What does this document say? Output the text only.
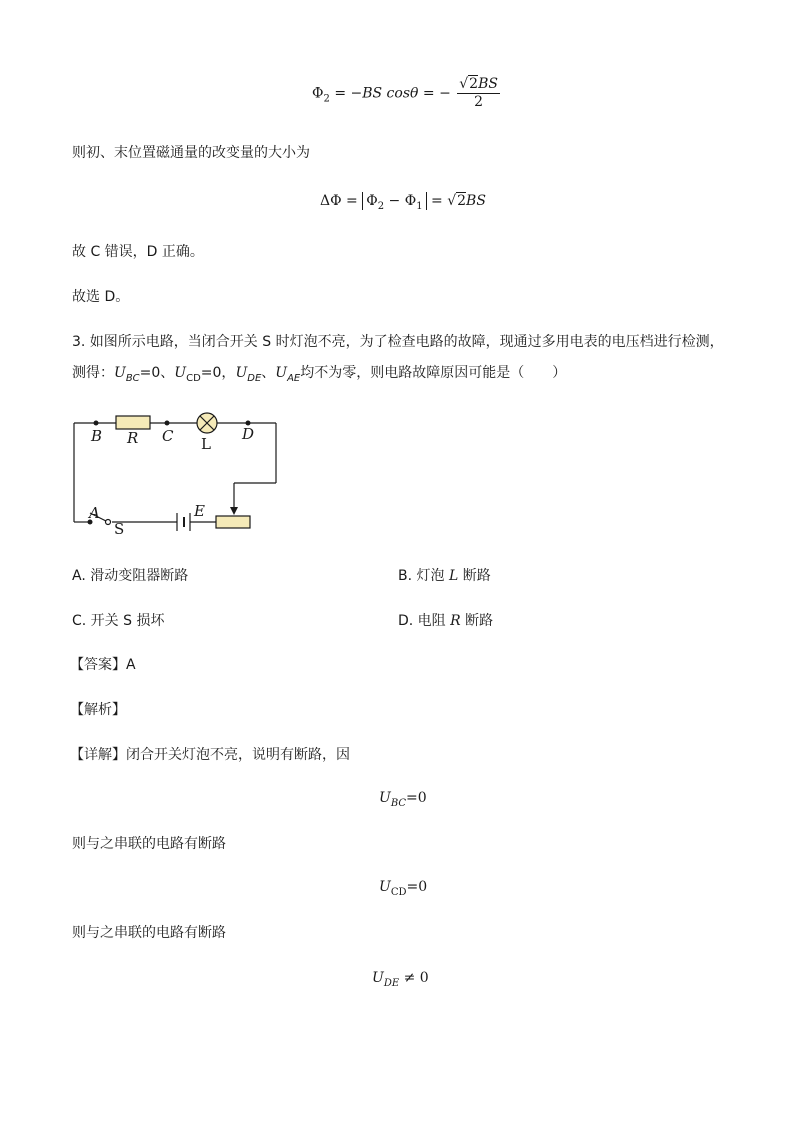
$\Phi_2 = -BS$ cosθ = − $\frac{√2BS}{2}$
则初、末位置磁通量的改变量的大小为
$\Delta\Phi = \Phi_2 - \Phi_1 = √2BS$
故 C 错误，D 正确。
故选 D。
3. 如图所示电路，当闭合开关 S 时灯泡不亮，为了检查电路的故障，现通过多用电表的电压档进行检测，
测得：$U_{BC}=0$、$U_{CD}=0$，$U_{DE}$、$U_{AE}$均不为零，则电路故障原因可能是（　　）
B R C L
D
A
S
E
A. 滑动变阻器断路	B. 灯泡 L 断路
C. 开关 S 损坏	D. 电阻 R 断路
【答案】A
【解析】
【详解】闭合开关灯泡不亮，说明有断路，因
$U_{BC}=0$
则与之串联的电路有断路
$U_{CD}=0$
则与之串联的电路有断路
$U_{DE} \ne 0$
